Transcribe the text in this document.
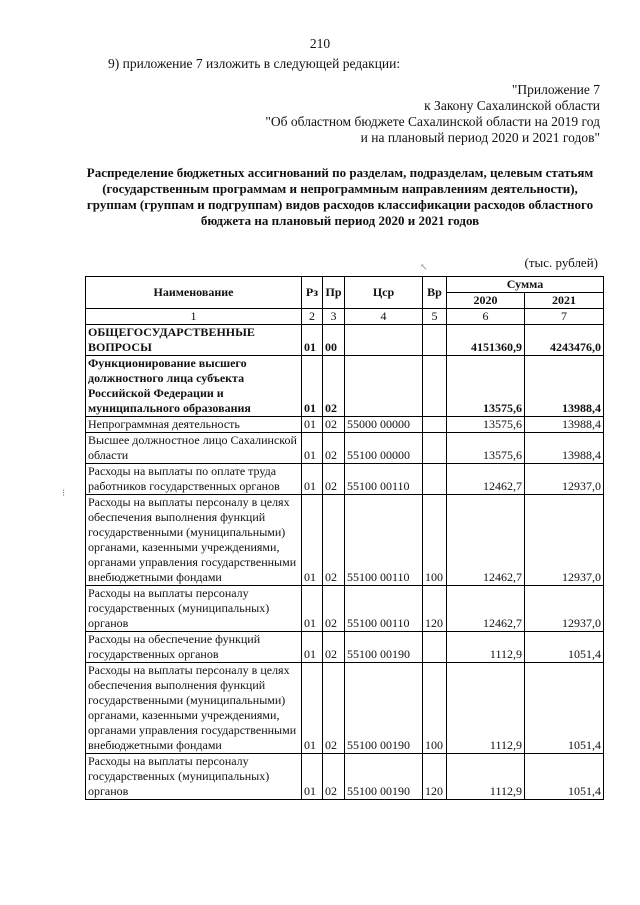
210
9) приложение 7 изложить в следующей редакции:
"Приложение 7
к Закону Сахалинской области
"Об областном бюджете Сахалинской области на 2019 год
и на плановый период 2020 и 2021 годов"
Распределение бюджетных ассигнований по разделам, подразделам, целевым статьям
(государственным программам и непрограммным направлениям деятельности),
группам (группам и подгруппам) видов расходов классификации расходов областного
бюджета на плановый период 2020 и 2021 годов
↖
⁝
(тыс. рублей)
Наименование	Рз	Пр	Цср	Вр	Сумма	
					2020	2021
1	2	3	4	5	6	7
ОБЩЕГОСУДАРСТВЕННЫЕ ВОПРОСЫ	01	00			4151360,9	4243476,0
Функционирование высшего должностного лица субъекта Российской Федерации и муниципального образования	01	02			13575,6	13988,4
Непрограммная деятельность	01	02	55000 00000		13575,6	13988,4
Высшее должностное лицо Сахалинской области	01	02	55100 00000		13575,6	13988,4
Расходы на выплаты по оплате труда работников государственных органов	01	02	55100 00110		12462,7	12937,0
Расходы на выплаты персоналу в целях обеспечения выполнения функций государственными (муниципальными) органами, казенными учреждениями, органами управления государственными внебюджетными фондами	01	02	55100 00110	100	12462,7	12937,0
Расходы на выплаты персоналу государственных (муниципальных) органов	01	02	55100 00110	120	12462,7	12937,0
Расходы на обеспечение функций государственных органов	01	02	55100 00190		1112,9	1051,4
Расходы на выплаты персоналу в целях обеспечения выполнения функций государственными (муниципальными) органами, казенными учреждениями, органами управления государственными внебюджетными фондами	01	02	55100 00190	100	1112,9	1051,4
Расходы на выплаты персоналу государственных (муниципальных) органов	01	02	55100 00190	120	1112,9	1051,4
